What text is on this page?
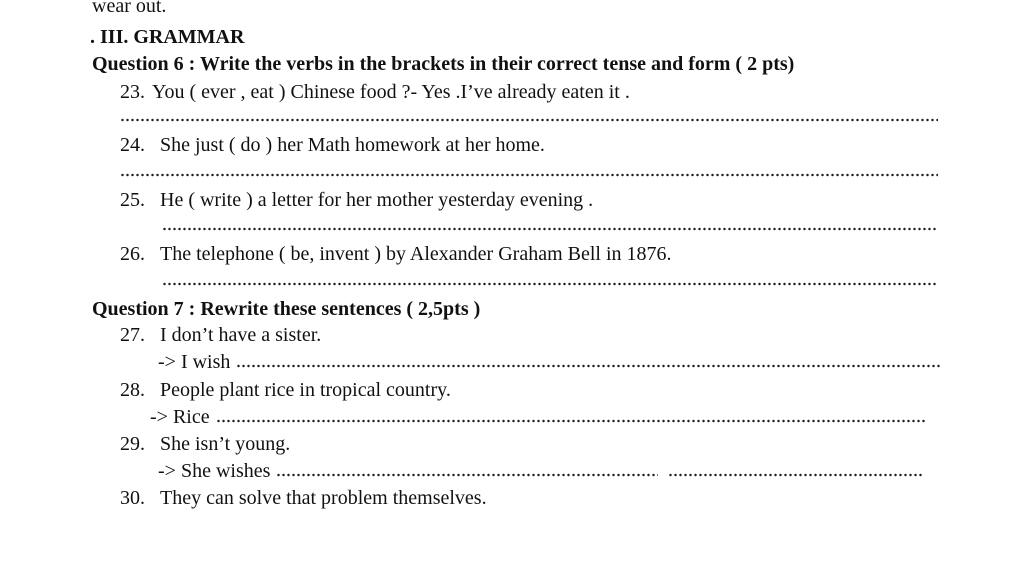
wear out.
. III. GRAMMAR
Question 6 : Write the verbs in the brackets in their correct tense and form ( 2 pts)
23. You ( ever , eat ) Chinese food ?- Yes .I’ve already eaten it .
24. She just ( do ) her Math homework at her home.
25. He ( write ) a letter for her mother yesterday evening .
26. The telephone ( be, invent ) by Alexander Graham Bell in 1876.
Question 7 : Rewrite these sentences ( 2,5pts )
27. I don’t have a sister.
-> I wish
28. People plant rice in tropical country.
-> Rice
29. She isn’t young.
-> She wishes
30. They can solve that problem themselves.
